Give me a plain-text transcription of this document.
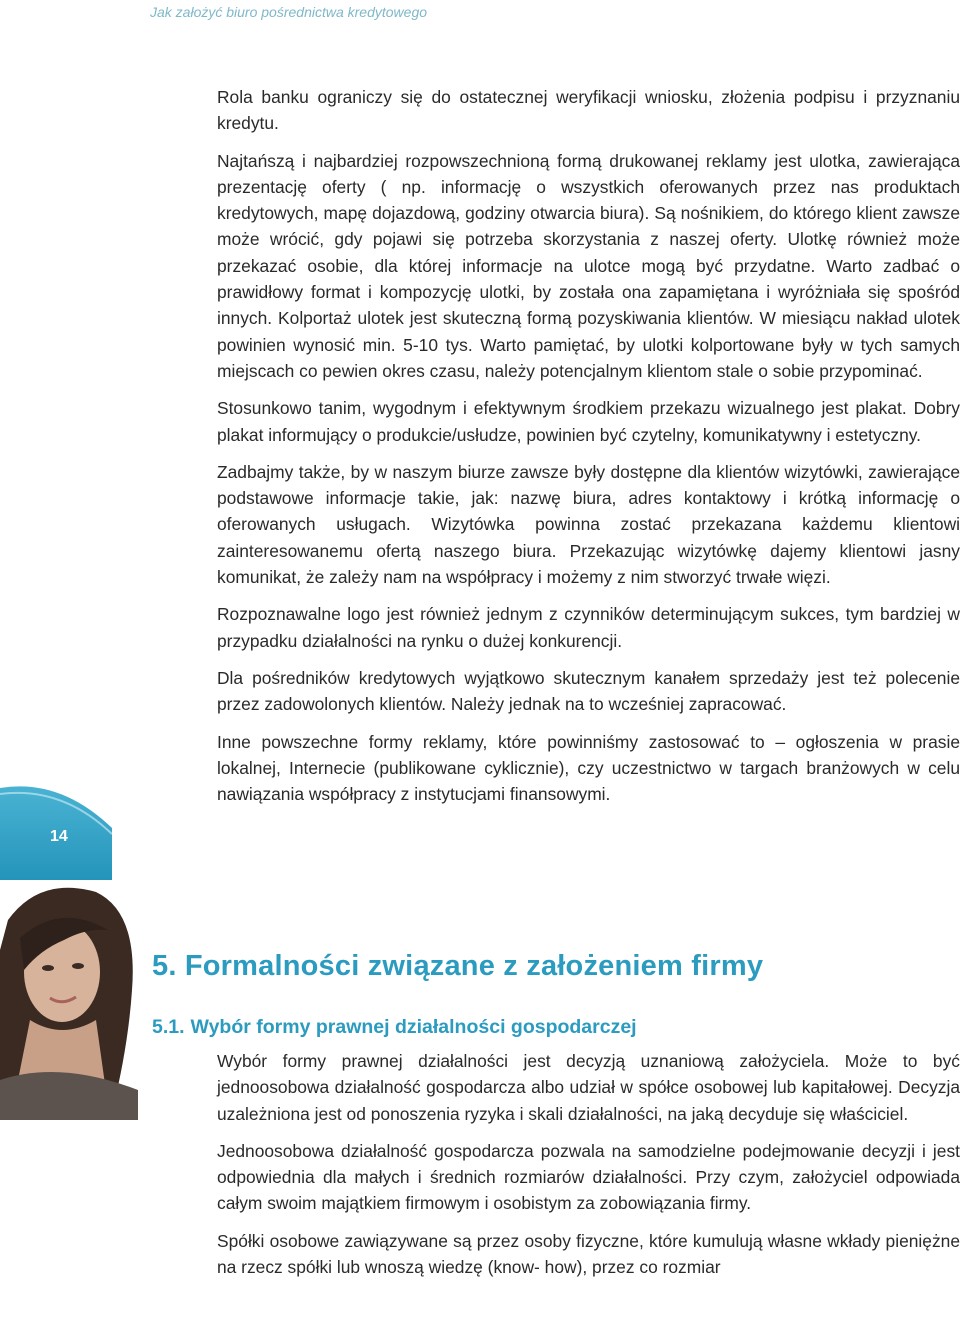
Jak założyć biuro pośrednictwa kredytowego
14

Rola banku ograniczy się do ostatecznej weryfikacji wniosku, złożenia podpisu i przyznaniu kredytu.

Najtańszą i najbardziej rozpowszechnioną formą drukowanej reklamy jest ulotka, zawierająca prezentację oferty ( np. informację o wszystkich oferowanych przez nas produktach kredytowych, mapę dojazdową, godziny otwarcia biura). Są nośnikiem, do którego klient zawsze może wrócić, gdy pojawi się potrzeba skorzystania z naszej oferty. Ulotkę również może przekazać osobie, dla której informacje na ulotce mogą być przydatne. Warto zadbać o prawidłowy format i kompozycję ulotki, by została ona zapamiętana i wyróżniała się spośród innych. Kolportaż ulotek jest skuteczną formą pozyskiwania klientów. W miesiącu nakład ulotek powinien wynosić min. 5-10 tys. Warto pamiętać, by ulotki kolportowane były w tych samych miejscach co pewien okres czasu, należy potencjalnym klientom stale o sobie przypominać.

Stosunkowo tanim, wygodnym i efektywnym środkiem przekazu wizualnego jest plakat. Dobry plakat informujący o produkcie/usłudze, powinien być czytelny, komunikatywny i estetyczny.

Zadbajmy także, by w naszym biurze zawsze były dostępne dla klientów wizytówki, zawierające podstawowe informacje takie, jak: nazwę biura, adres kontaktowy i krótką informację o oferowanych usługach. Wizytówka powinna zostać przekazana każdemu klientowi zainteresowanemu ofertą naszego biura. Przekazując wizytówkę dajemy klientowi jasny komunikat, że zależy nam na współpracy i możemy z nim stworzyć trwałe więzi.

Rozpoznawalne logo jest również jednym z czynników determinującym sukces, tym bardziej w przypadku działalności na rynku o dużej konkurencji.

Dla pośredników kredytowych wyjątkowo skutecznym kanałem sprzedaży jest też polecenie przez zadowolonych klientów. Należy jednak na to wcześniej zapracować.

Inne powszechne formy reklamy, które powinniśmy zastosować to – ogłoszenia w prasie lokalnej, Internecie (publikowane cyklicznie), czy uczestnictwo w targach branżowych w celu nawiązania współpracy z instytucjami finansowymi.

5. Formalności związane z założeniem firmy
5.1. Wybór formy prawnej działalności gospodarczej

Wybór formy prawnej działalności jest decyzją uznaniową założyciela. Może to być jednoosobowa działalność gospodarcza albo udział w spółce osobowej lub kapitałowej. Decyzja uzależniona jest od ponoszenia ryzyka i skali działalności, na jaką decyduje się właściciel.

Jednoosobowa działalność gospodarcza pozwala na samodzielne podejmowanie decyzji i jest odpowiednia dla małych i średnich rozmiarów działalności. Przy czym, założyciel odpowiada całym swoim majątkiem firmowym i osobistym za zobowiązania firmy.

Spółki osobowe zawiązywane są przez osoby fizyczne, które kumulują własne wkłady pieniężne na rzecz spółki lub wnoszą wiedzę (know- how), przez co rozmiar
